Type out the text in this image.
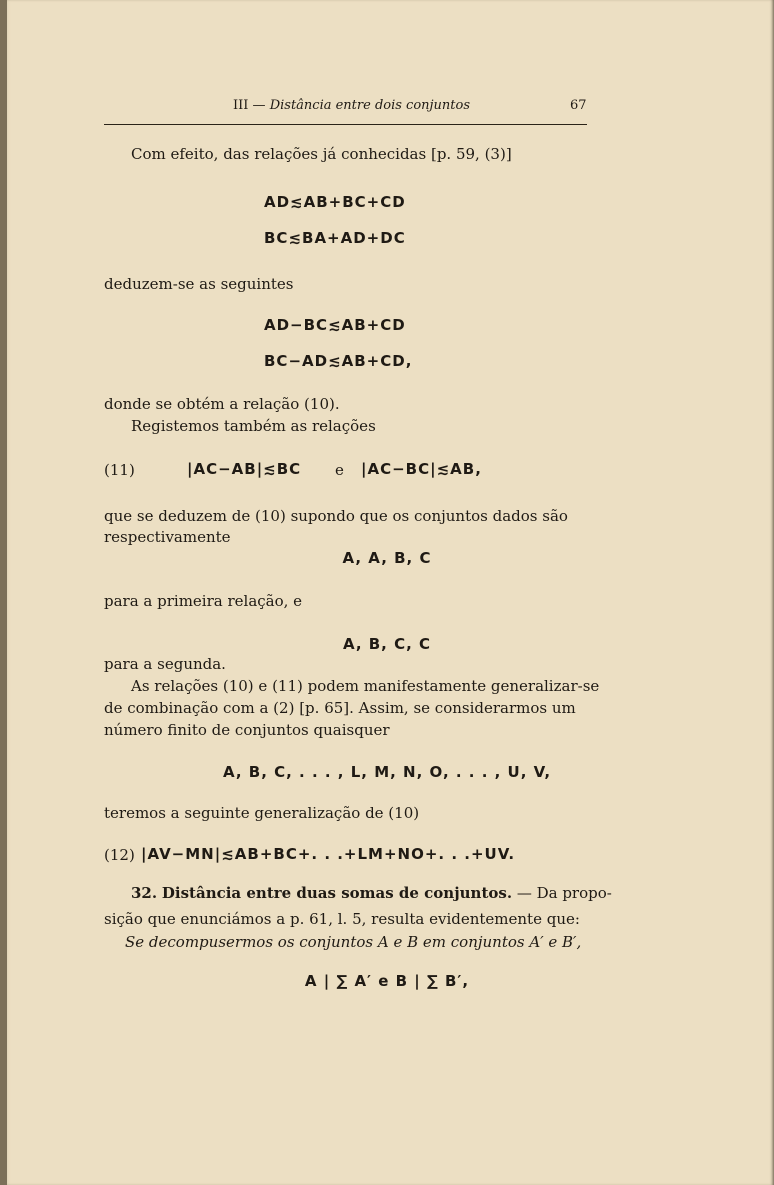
III — Distância entre dois conjuntos	67
Com efeito, das relações já conhecidas [p. 59, (3)]
AD≲AB+BC+CD
BC≲BA+AD+DC
deduzem-se as seguintes
AD−BC≲AB+CD
BC−AD≲AB+CD,
donde se obtém a relação (10).
Registemos também as relações
(11)	|AC−AB|≲BC e |AC−BC|≲AB,
que se deduzem de (10) supondo que os conjuntos dados são
respectivamente
A, A, B, C
para a primeira relação, e
A, B, C, C
para a segunda.
As relações (10) e (11) podem manifestamente generalizar-se
de combinação com a (2) [p. 65]. Assim, se considerarmos um
número finito de conjuntos quaisquer
A, B, C, . . . , L, M, N, O, . . . , U, V,
teremos a seguinte generalização de (10)
(12) |AV−MN|≲AB+BC+. . .+LM+NO+. . .+UV.
32. Distância entre duas somas de conjuntos. — Da propo-
sição que enunciámos a p. 61, l. 5, resulta evidentemente que:
Se decompusermos os conjuntos A e B em conjuntos A′ e B′,
A | ∑ A′ e B | ∑ B′,
